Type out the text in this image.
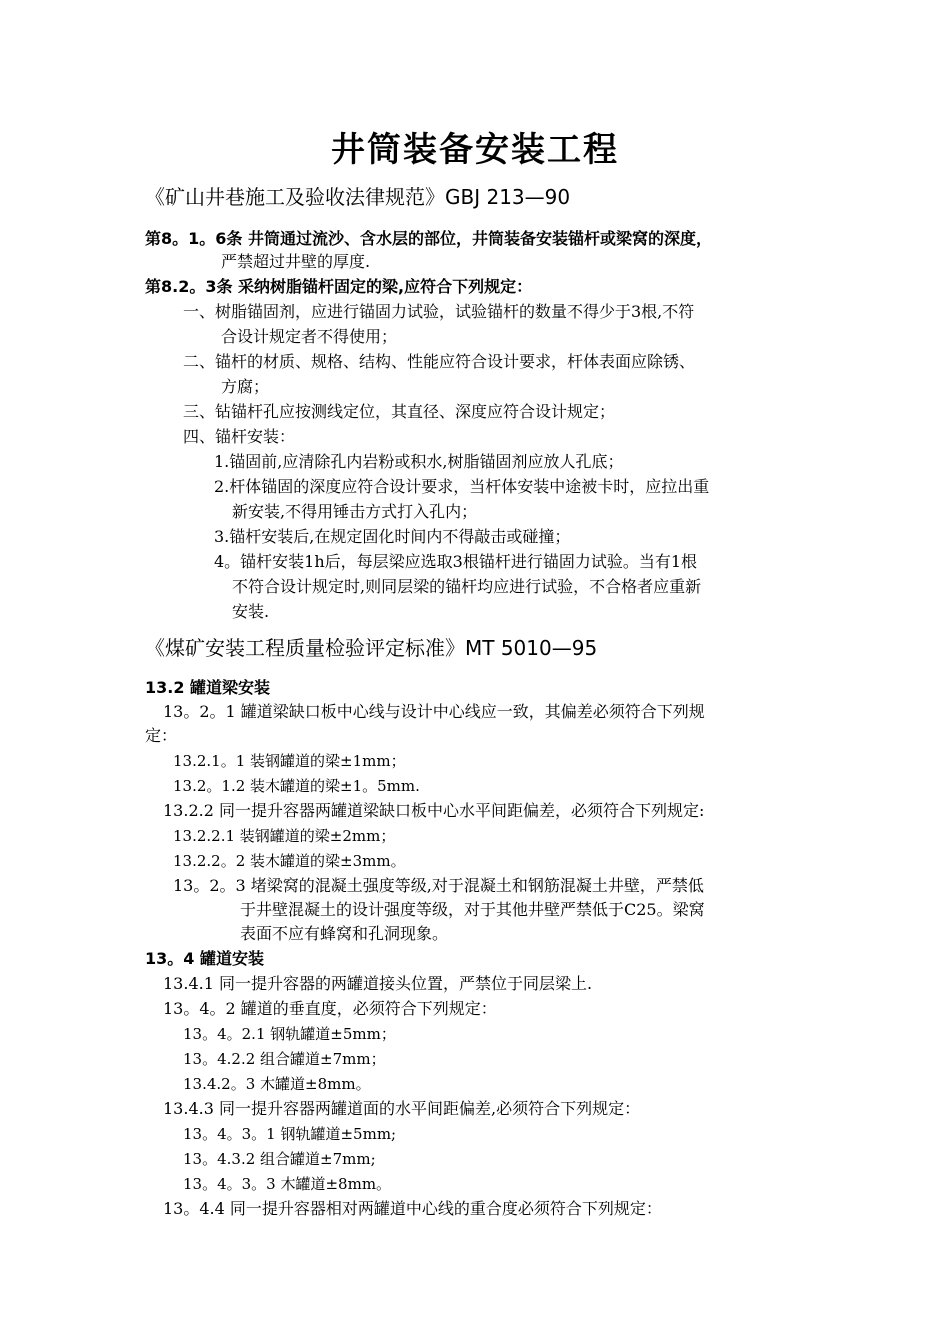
井筒装备安装工程
《矿山井巷施工及验收法律规范》GBJ 213—90
第8。1。6条 井筒通过流沙、含水层的部位，井筒装备安装锚杆或梁窝的深度，
严禁超过井壁的厚度.
第8.2。3条 采纳树脂锚杆固定的梁,应符合下列规定：
一、树脂锚固剂，应进行锚固力试验，试验锚杆的数量不得少于3根,不符
合设计规定者不得使用；
二、锚杆的材质、规格、结构、性能应符合设计要求，杆体表面应除锈、
方腐；
三、钻锚杆孔应按测线定位，其直径、深度应符合设计规定；
四、锚杆安装：
1.锚固前,应清除孔内岩粉或积水,树脂锚固剂应放人孔底；
2.杆体锚固的深度应符合设计要求，当杆体安装中途被卡时，应拉出重
新安装,不得用锤击方式打入孔内；
3.锚杆安装后,在规定固化时间内不得敲击或碰撞；
4。锚杆安装1h后，每层梁应选取3根锚杆进行锚固力试验。当有1根
不符合设计规定时,则同层梁的锚杆均应进行试验，不合格者应重新
安装.
《煤矿安装工程质量检验评定标准》MT 5010—95
13.2 罐道梁安装
13。2。1 罐道梁缺口板中心线与设计中心线应一致，其偏差必须符合下列规
定：
13.2.1。1 装钢罐道的梁±1mm；
13.2。1.2 装木罐道的梁±1。5mm.
13.2.2 同一提升容器两罐道梁缺口板中心水平间距偏差，必须符合下列规定:
13.2.2.1 装钢罐道的梁±2mm；
13.2.2。2 装木罐道的梁±3mm。
13。2。3 堵梁窝的混凝土强度等级,对于混凝土和钢筋混凝土井壁，严禁低
于井壁混凝土的设计强度等级，对于其他井壁严禁低于C25。梁窝
表面不应有蜂窝和孔洞现象。
13。4 罐道安装
13.4.1 同一提升容器的两罐道接头位置，严禁位于同层梁上.
13。4。2 罐道的垂直度，必须符合下列规定：
13。4。2.1 钢轨罐道±5mm；
13。4.2.2 组合罐道±7mm；
13.4.2。3 木罐道±8mm。
13.4.3 同一提升容器两罐道面的水平间距偏差,必须符合下列规定：
13。4。3。1 钢轨罐道±5mm;
13。4.3.2 组合罐道±7mm;
13。4。3。3 木罐道±8mm。
13。4.4 同一提升容器相对两罐道中心线的重合度必须符合下列规定：
